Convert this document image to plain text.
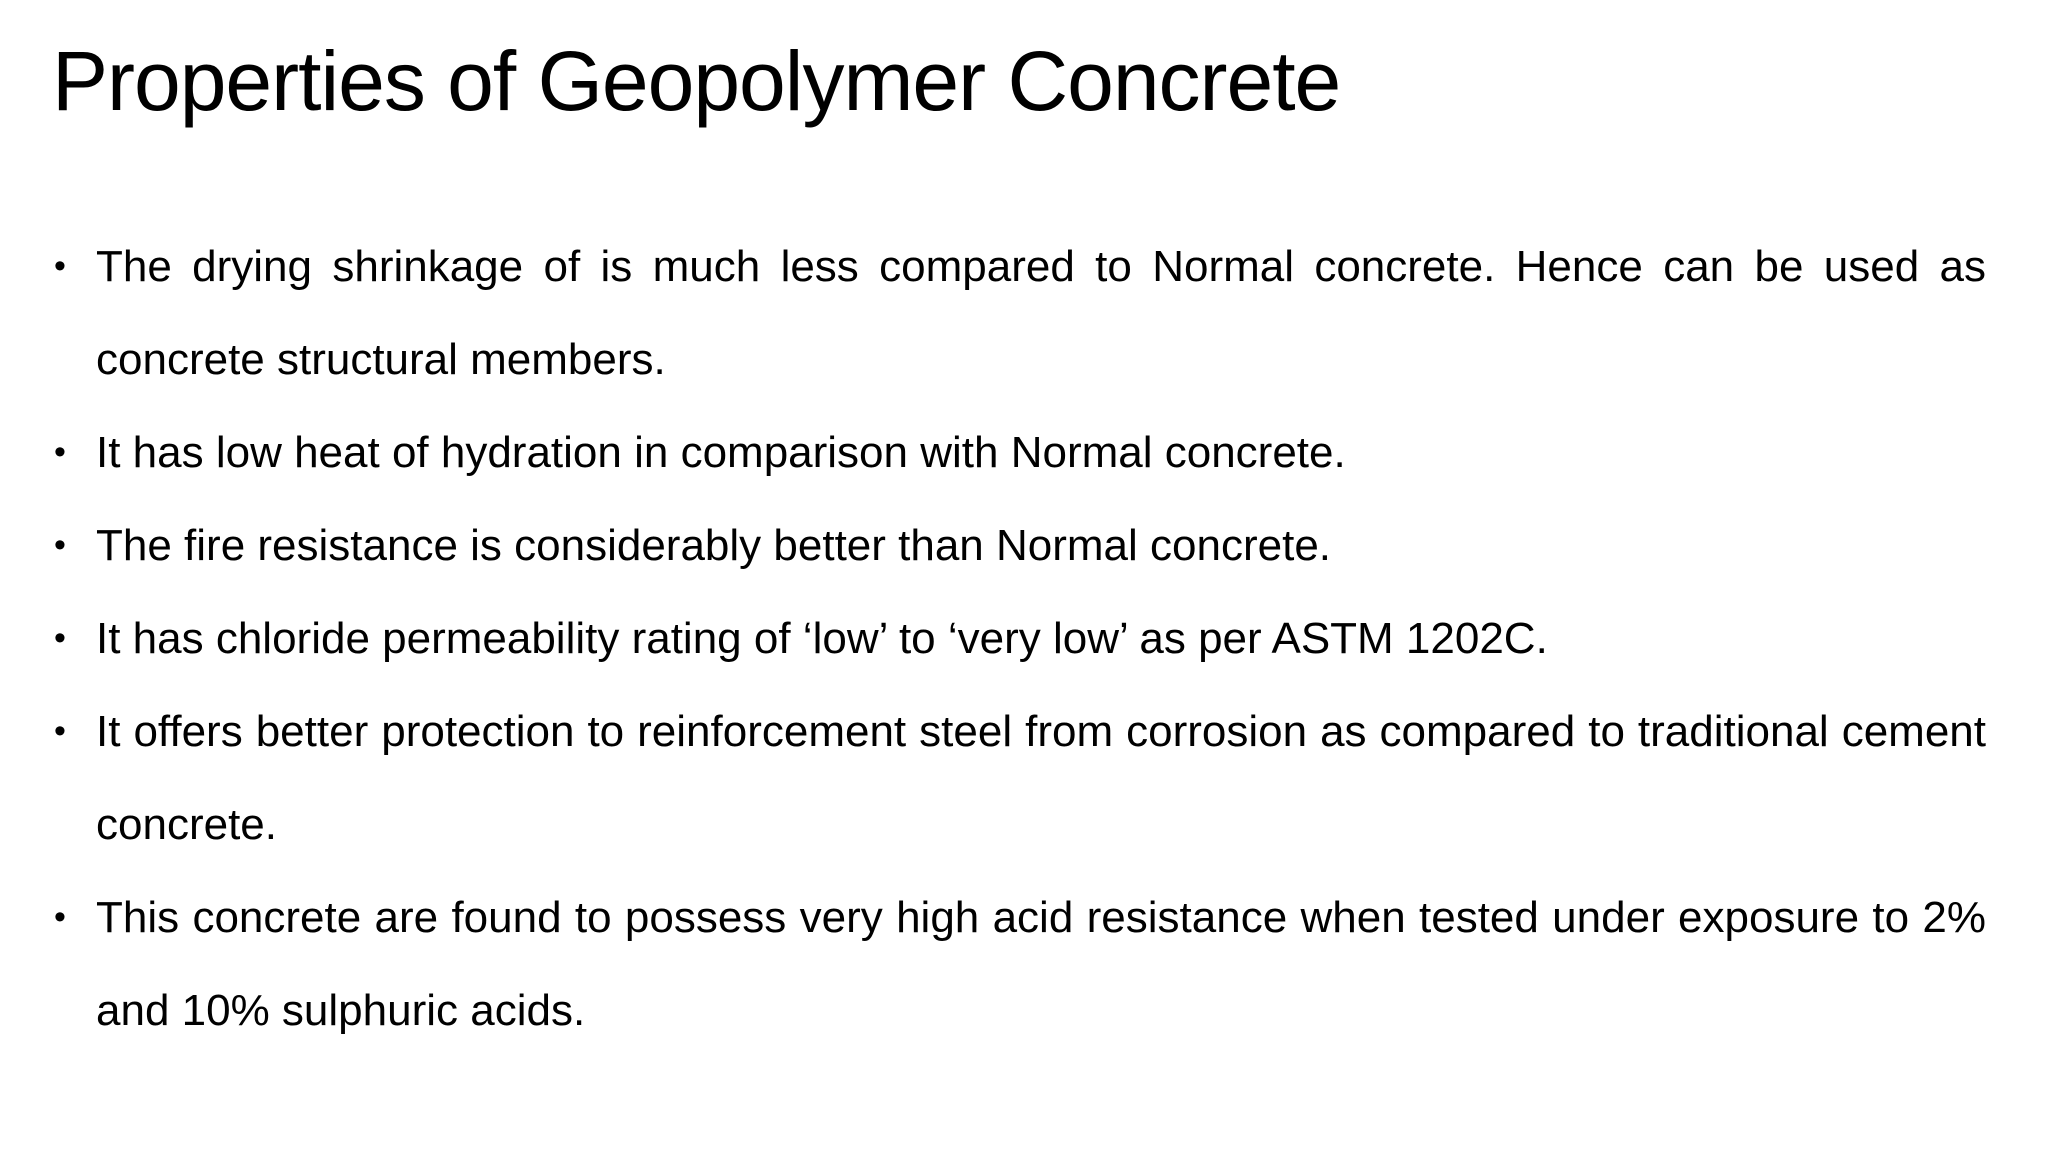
Properties of Geopolymer Concrete
• The drying shrinkage of is much less compared to Normal concrete. Hence can be used as concrete structural members.
• It has low heat of hydration in comparison with Normal concrete.
• The fire resistance is considerably better than Normal concrete.
• It has chloride permeability rating of ‘low’ to ‘very low’ as per ASTM 1202C.
• It offers better protection to reinforcement steel from corrosion as compared to traditional cement concrete.
• This concrete are found to possess very high acid resistance when tested under exposure to 2% and 10% sulphuric acids.
